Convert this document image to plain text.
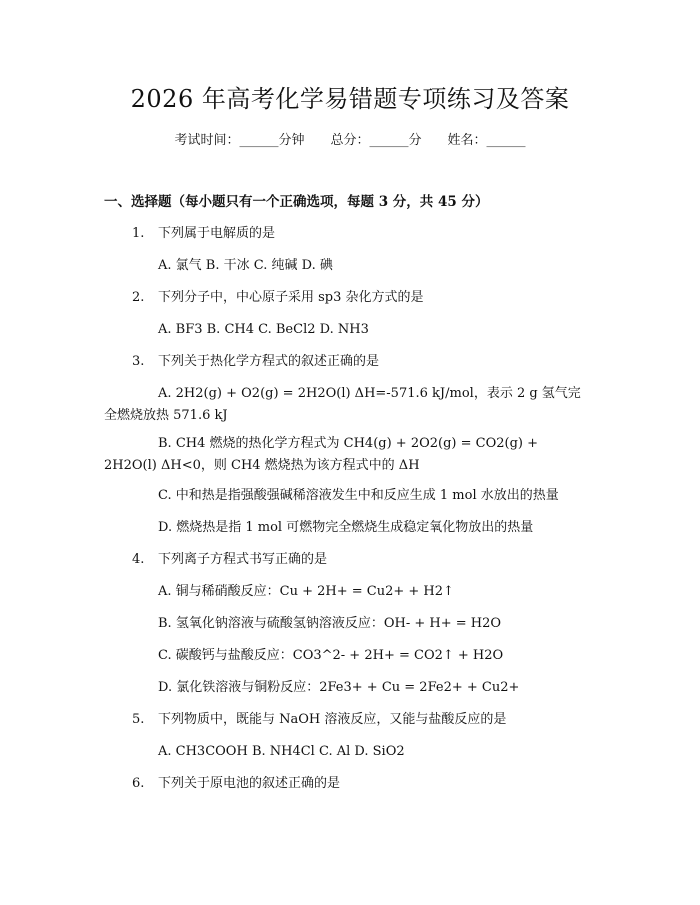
2026 年高考化学易错题专项练习及答案
考试时间：______分钟 总分：______分 姓名：______
一、选择题（每小题只有一个正确选项，每题 3 分，共 45 分）
1. 下列属于电解质的是
A. 氯气 B. 干冰 C. 纯碱 D. 碘
2. 下列分子中，中心原子采用 sp3 杂化方式的是
A. BF3 B. CH4 C. BeCl2 D. NH3
3. 下列关于热化学方程式的叙述正确的是
A. 2H2(g) + O2(g) = 2H2O(l) ΔH=-571.6 kJ/mol，表示 2 g 氢气完全燃烧放热 571.6 kJ
B. CH4 燃烧的热化学方程式为 CH4(g) + 2O2(g) = CO2(g) + 2H2O(l) ΔH<0，则 CH4 燃烧热为该方程式中的 ΔH
C. 中和热是指强酸强碱稀溶液发生中和反应生成 1 mol 水放出的热量
D. 燃烧热是指 1 mol 可燃物完全燃烧生成稳定氧化物放出的热量
4. 下列离子方程式书写正确的是
A. 铜与稀硝酸反应：Cu + 2H+ = Cu2+ + H2↑
B. 氢氧化钠溶液与硫酸氢钠溶液反应：OH- + H+ = H2O
C. 碳酸钙与盐酸反应：CO3^2- + 2H+ = CO2↑ + H2O
D. 氯化铁溶液与铜粉反应：2Fe3+ + Cu = 2Fe2+ + Cu2+
5. 下列物质中，既能与 NaOH 溶液反应，又能与盐酸反应的是
A. CH3COOH B. NH4Cl C. Al D. SiO2
6. 下列关于原电池的叙述正确的是
